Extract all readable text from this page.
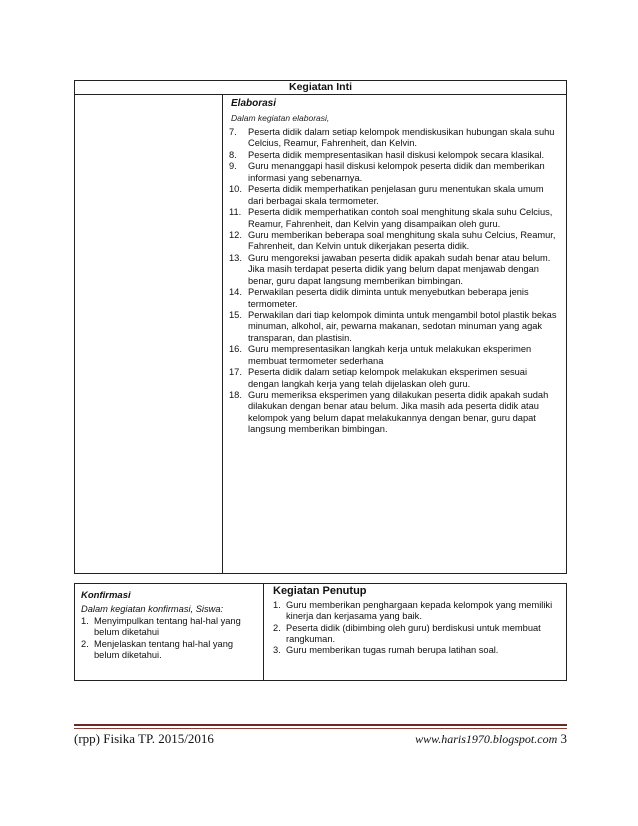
Kegiatan Inti
Elaborasi
Dalam kegiatan elaborasi,
7. Peserta didik dalam setiap kelompok mendiskusikan hubungan skala suhu Celcius, Reamur, Fahrenheit, dan Kelvin.
8. Peserta didik mempresentasikan hasil diskusi kelompok secara klasikal.
9. Guru menanggapi hasil diskusi kelompok peserta didik dan memberikan informasi yang sebenarnya.
10. Peserta didik memperhatikan penjelasan guru menentukan skala umum dari berbagai skala termometer.
11. Peserta didik memperhatikan contoh soal menghitung skala suhu Celcius, Reamur, Fahrenheit, dan Kelvin yang disampaikan oleh guru.
12. Guru memberikan beberapa soal menghitung skala suhu Celcius, Reamur, Fahrenheit, dan Kelvin untuk dikerjakan peserta didik.
13. Guru mengoreksi jawaban peserta didik apakah sudah benar atau belum. Jika masih terdapat peserta didik yang belum dapat menjawab dengan benar, guru dapat langsung memberikan bimbingan.
14. Perwakilan peserta didik diminta untuk menyebutkan beberapa jenis termometer.
15. Perwakilan dari tiap kelompok diminta untuk mengambil botol plastik bekas minuman, alkohol, air, pewarna makanan, sedotan minuman yang agak transparan, dan plastisin.
16. Guru mempresentasikan langkah kerja untuk melakukan eksperimen membuat termometer sederhana
17. Peserta didik dalam setiap kelompok melakukan eksperimen sesuai dengan langkah kerja yang telah dijelaskan oleh guru.
18. Guru memeriksa eksperimen yang dilakukan peserta didik apakah sudah dilakukan dengan benar atau belum. Jika masih ada peserta didik atau kelompok yang belum dapat melakukannya dengan benar, guru dapat langsung memberikan bimbingan.
Konfirmasi
Dalam kegiatan konfirmasi, Siswa:
1. Menyimpulkan tentang hal-hal yang belum diketahui
2. Menjelaskan tentang hal-hal yang belum diketahui.
Kegiatan Penutup
1. Guru memberikan penghargaan kepada kelompok yang memiliki kinerja dan kerjasama yang baik.
2. Peserta didik (dibimbing oleh guru) berdiskusi untuk membuat rangkuman.
3. Guru memberikan tugas rumah berupa latihan soal.
(rpp) Fisika TP. 2015/2016	www.haris1970.blogspot.com 3
